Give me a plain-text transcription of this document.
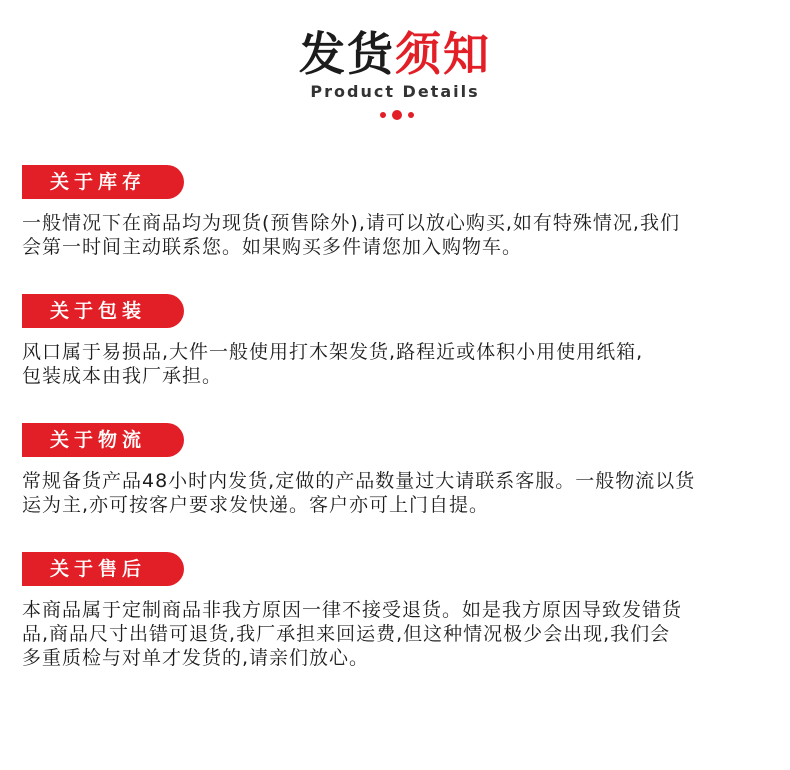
发货须知
Product Details
关于库存

一般情况下在商品均为现货(预售除外),请可以放心购买,如有特殊情况,我们
会第一时间主动联系您。如果购买多件请您加入购物车。

关于包装

风口属于易损品,大件一般使用打木架发货,路程近或体积小用使用纸箱,
包装成本由我厂承担。

关于物流

常规备货产品48小时内发货,定做的产品数量过大请联系客服。一般物流以货
运为主,亦可按客户要求发快递。客户亦可上门自提。

关于售后

本商品属于定制商品非我方原因一律不接受退货。如是我方原因导致发错货
品,商品尺寸出错可退货,我厂承担来回运费,但这种情况极少会出现,我们会
多重质检与对单才发货的,请亲们放心。
